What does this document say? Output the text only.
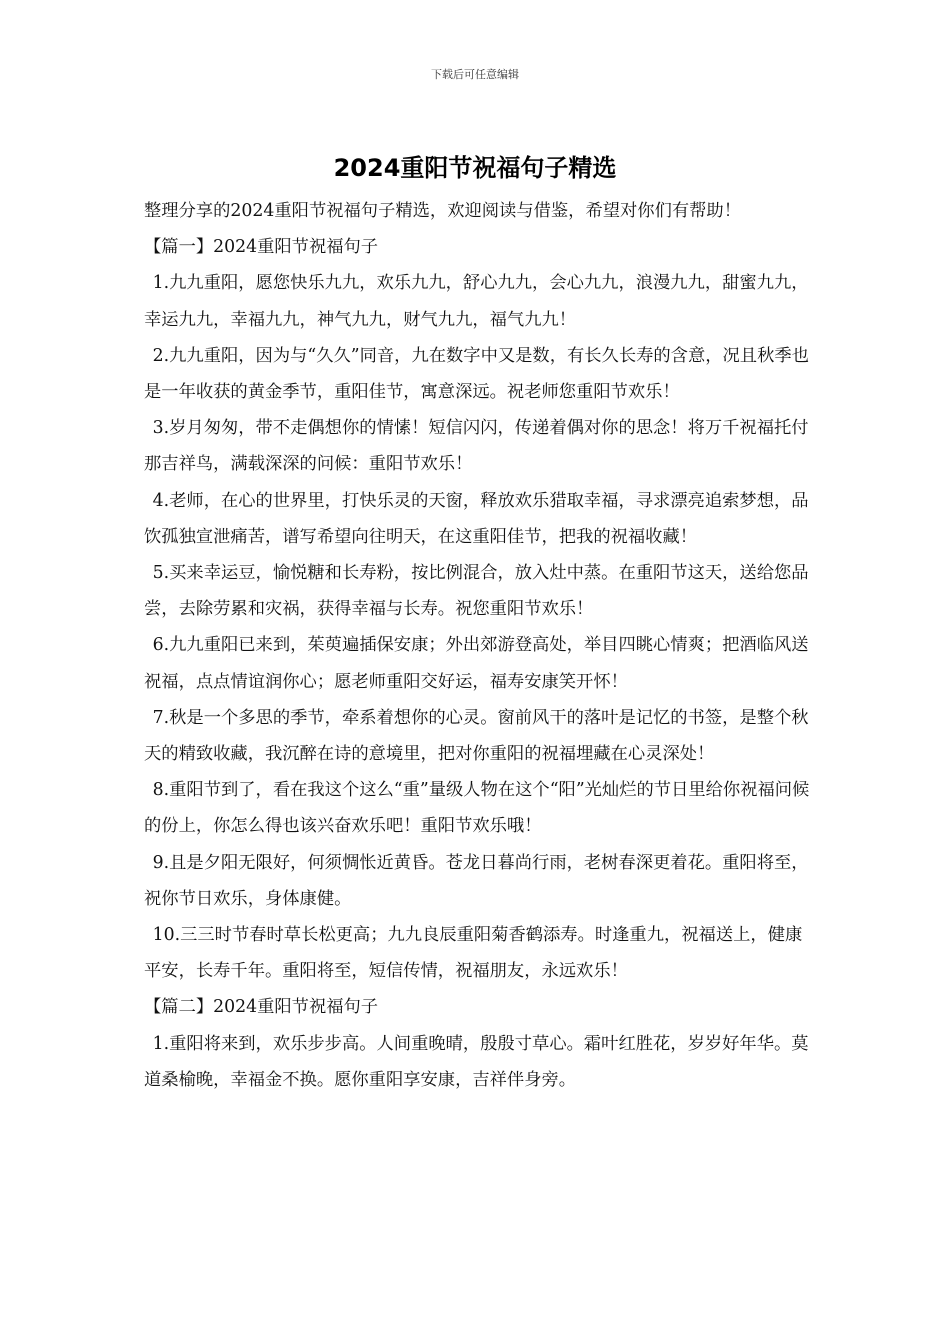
下载后可任意编辑
2024重阳节祝福句子精选

整理分享的2024重阳节祝福句子精选，欢迎阅读与借鉴，希望对你们有帮助！

【篇一】2024重阳节祝福句子

1.九九重阳，愿您快乐九九，欢乐九九，舒心九九，会心九九，浪漫九九，甜蜜九九，幸运九九，幸福九九，神气九九，财气九九，福气九九！

2.九九重阳，因为与“久久”同音，九在数字中又是数，有长久长寿的含意，况且秋季也是一年收获的黄金季节，重阳佳节，寓意深远。祝老师您重阳节欢乐！

3.岁月匆匆，带不走偶想你的情愫！短信闪闪，传递着偶对你的思念！将万千祝福托付那吉祥鸟，满载深深的问候：重阳节欢乐！

4.老师，在心的世界里，打快乐灵的天窗，释放欢乐猎取幸福，寻求漂亮追索梦想，品饮孤独宣泄痛苦，谱写希望向往明天，在这重阳佳节，把我的祝福收藏！

5.买来幸运豆，愉悦糖和长寿粉，按比例混合，放入灶中蒸。在重阳节这天，送给您品尝，去除劳累和灾祸，获得幸福与长寿。祝您重阳节欢乐！

6.九九重阳已来到，茱萸遍插保安康；外出郊游登高处，举目四眺心情爽；把酒临风送祝福，点点情谊润你心；愿老师重阳交好运，福寿安康笑开怀！

7.秋是一个多思的季节，牵系着想你的心灵。窗前风干的落叶是记忆的书签，是整个秋天的精致收藏，我沉醉在诗的意境里，把对你重阳的祝福埋藏在心灵深处！

8.重阳节到了，看在我这个这么“重”量级人物在这个“阳”光灿烂的节日里给你祝福问候的份上，你怎么得也该兴奋欢乐吧！重阳节欢乐哦！

9.且是夕阳无限好，何须惆怅近黄昏。苍龙日暮尚行雨，老树春深更着花。重阳将至，祝你节日欢乐，身体康健。

10.三三时节春时草长松更高；九九良辰重阳菊香鹤添寿。时逢重九，祝福送上，健康平安，长寿千年。重阳将至，短信传情，祝福朋友，永远欢乐！

【篇二】2024重阳节祝福句子

1.重阳将来到，欢乐步步高。人间重晚晴，殷殷寸草心。霜叶红胜花，岁岁好年华。莫道桑榆晚，幸福金不换。愿你重阳享安康，吉祥伴身旁。
